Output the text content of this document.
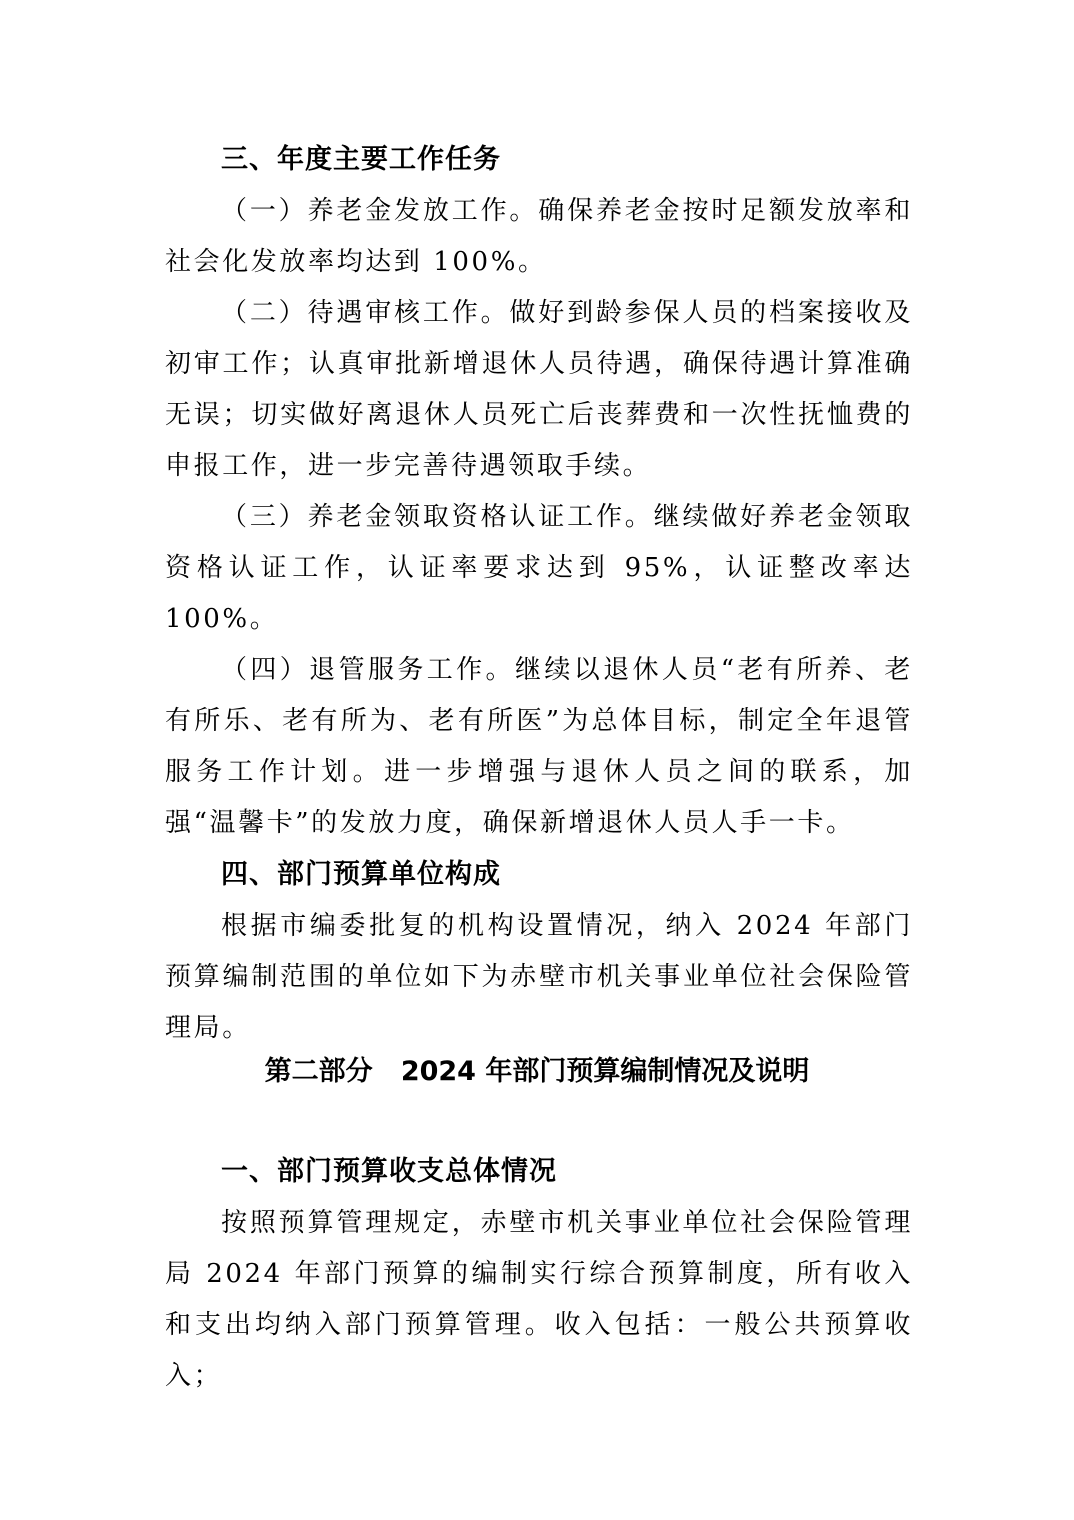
三、年度主要工作任务

（一）养老金发放工作。确保养老金按时足额发放率和社会化发放率均达到 100%。

（二）待遇审核工作。做好到龄参保人员的档案接收及初审工作；认真审批新增退休人员待遇，确保待遇计算准确无误；切实做好离退休人员死亡后丧葬费和一次性抚恤费的申报工作，进一步完善待遇领取手续。

（三）养老金领取资格认证工作。继续做好养老金领取资格认证工作，认证率要求达到 95%，认证整改率达 100%。

（四）退管服务工作。继续以退休人员“老有所养、老有所乐、老有所为、老有所医”为总体目标，制定全年退管服务工作计划。进一步增强与退休人员之间的联系，加强“温馨卡”的发放力度，确保新增退休人员人手一卡。

四、部门预算单位构成

根据市编委批复的机构设置情况，纳入 2024 年部门预算编制范围的单位如下为赤壁市机关事业单位社会保险管理局。

第二部分   2024 年部门预算编制情况及说明
一、部门预算收支总体情况

按照预算管理规定，赤壁市机关事业单位社会保险管理局 2024 年部门预算的编制实行综合预算制度，所有收入和支出均纳入部门预算管理。收入包括：一般公共预算收入；
